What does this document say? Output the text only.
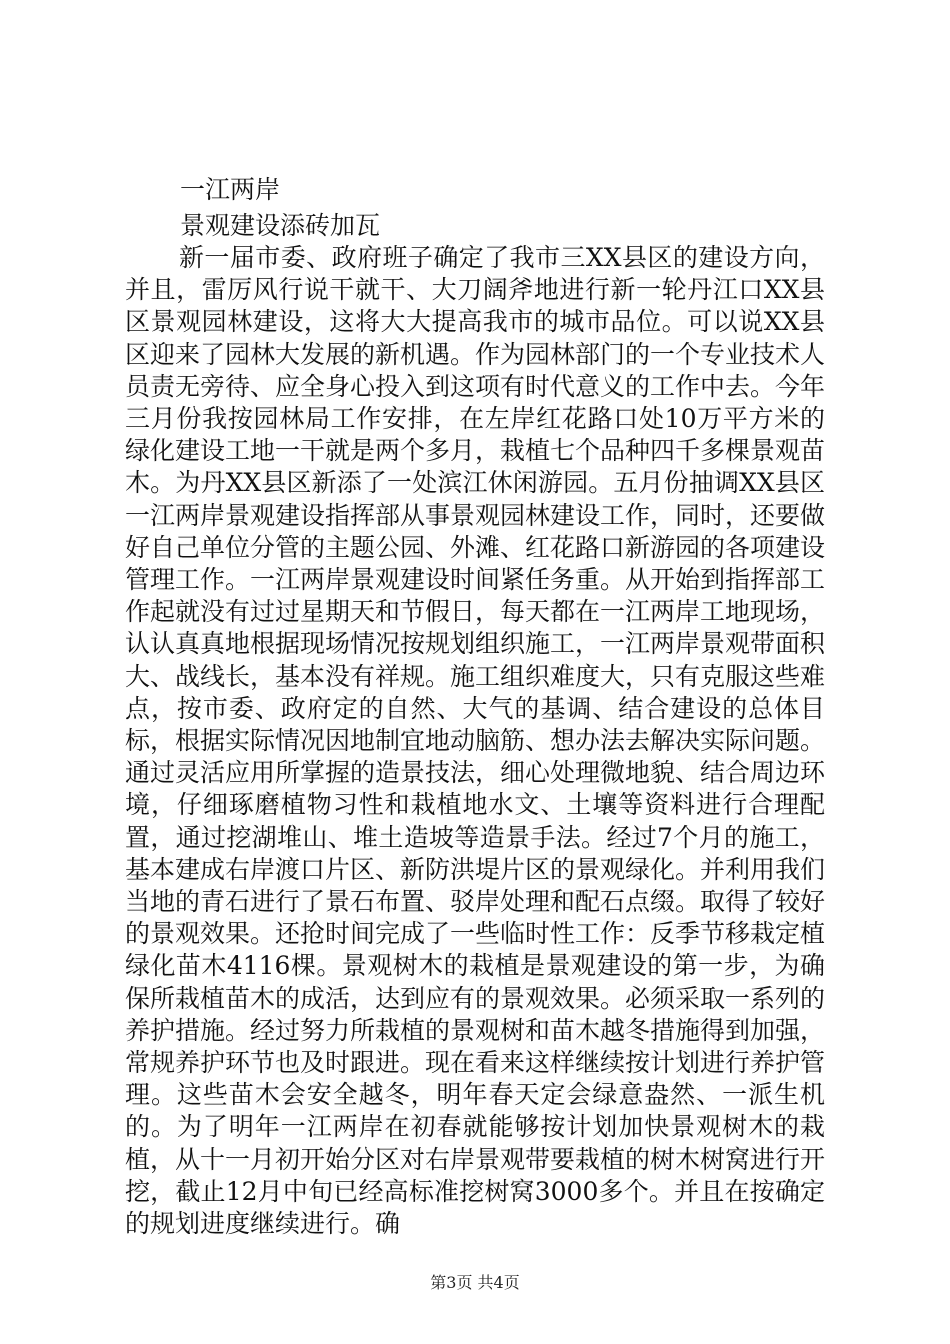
一江两岸
景观建设添砖加瓦

新一届市委、政府班子确定了我市三XX县区的建设方向，并且，雷厉风行说干就干、大刀阔斧地进行新一轮丹江口XX县区景观园林建设，这将大大提高我市的城市品位。可以说XX县区迎来了园林大发展的新机遇。作为园林部门的一个专业技术人员责无旁待、应全身心投入到这项有时代意义的工作中去。今年三月份我按园林局工作安排，在左岸红花路口处10万平方米的绿化建设工地一干就是两个多月，栽植七个品种四千多棵景观苗木。为丹XX县区新添了一处滨江休闲游园。五月份抽调XX县区一江两岸景观建设指挥部从事景观园林建设工作，同时，还要做好自己单位分管的主题公园、外滩、红花路口新游园的各项建设管理工作。一江两岸景观建设时间紧任务重。从开始到指挥部工作起就没有过过星期天和节假日，每天都在一江两岸工地现场，认认真真地根据现场情况按规划组织施工，一江两岸景观带面积大、战线长，基本没有祥规。施工组织难度大，只有克服这些难点，按市委、政府定的自然、大气的基调、结合建设的总体目标，根据实际情况因地制宜地动脑筋、想办法去解决实际问题。通过灵活应用所掌握的造景技法，细心处理微地貌、结合周边环境，仔细琢磨植物习性和栽植地水文、土壤等资料进行合理配置，通过挖湖堆山、堆土造坡等造景手法。经过7个月的施工，基本建成右岸渡口片区、新防洪堤片区的景观绿化。并利用我们当地的青石进行了景石布置、驳岸处理和配石点缀。取得了较好的景观效果。还抢时间完成了一些临时性工作：反季节移栽定植绿化苗木4116棵。景观树木的栽植是景观建设的第一步，为确保所栽植苗木的成活，达到应有的景观效果。必须采取一系列的养护措施。经过努力所栽植的景观树和苗木越冬措施得到加强，常规养护环节也及时跟进。现在看来这样继续按计划进行养护管理。这些苗木会安全越冬，明年春天定会绿意盎然、一派生机的。为了明年一江两岸在初春就能够按计划加快景观树木的栽植，从十一月初开始分区对右岸景观带要栽植的树木树窝进行开挖，截止12月中旬已经高标准挖树窝3000多个。并且在按确定的规划进度继续进行。确

第3页 共4页
